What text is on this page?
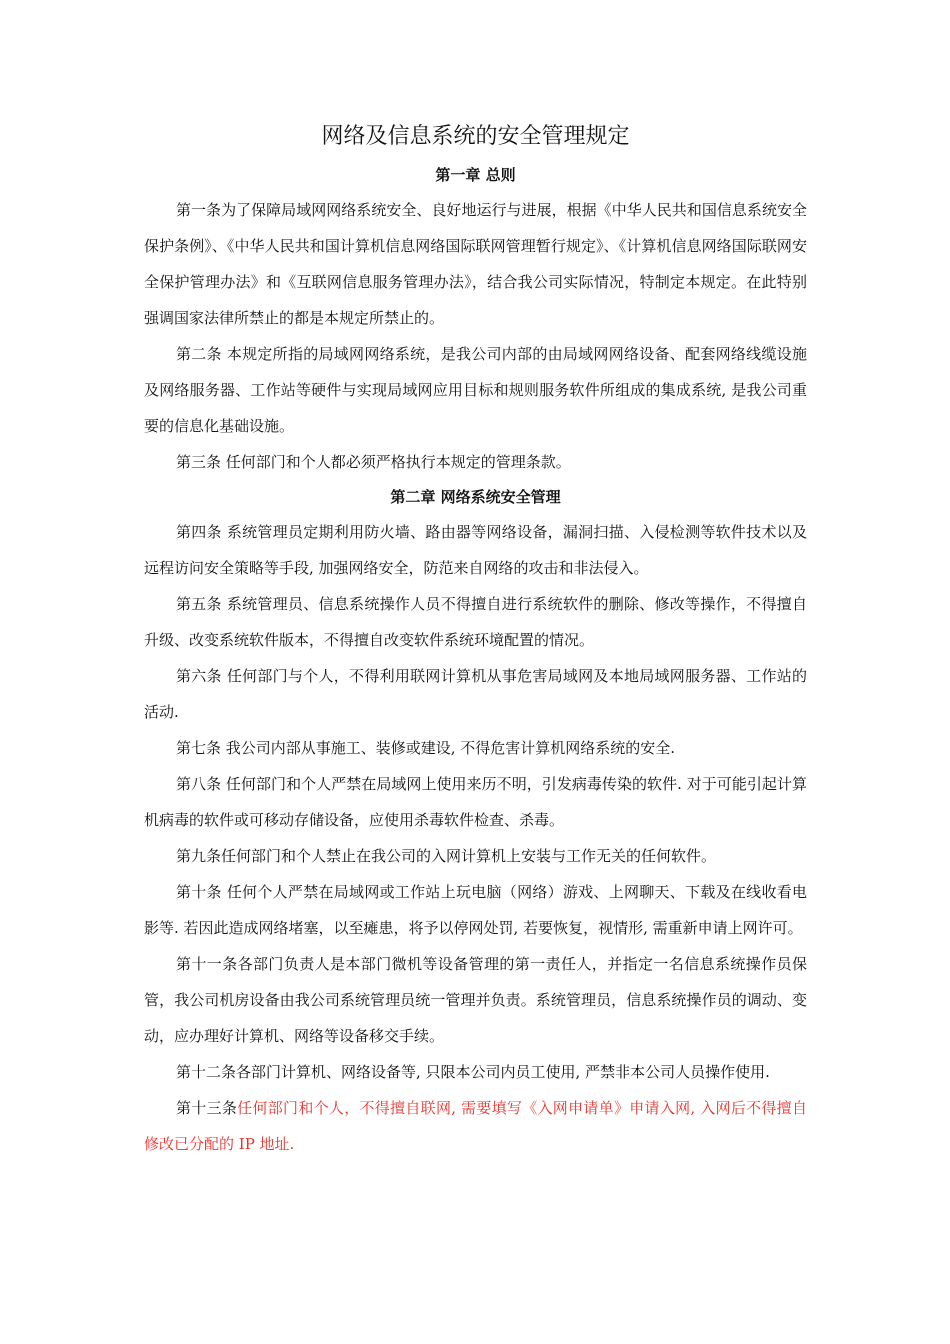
网络及信息系统的安全管理规定
第一章 总则

第一条为了保障局域网网络系统安全、良好地运行与进展，根据《中华人民共和国信息系统安全保护条例》、《中华人民共和国计算机信息网络国际联网管理暂行规定》、《计算机信息网络国际联网安全保护管理办法》和《互联网信息服务管理办法》，结合我公司实际情况，特制定本规定。在此特别强调国家法律所禁止的都是本规定所禁止的。

第二条 本规定所指的局域网网络系统，是我公司内部的由局域网网络设备、配套网络线缆设施及网络服务器、工作站等硬件与实现局域网应用目标和规则服务软件所组成的集成系统, 是我公司重要的信息化基础设施。

第三条 任何部门和个人都必须严格执行本规定的管理条款。

第二章 网络系统安全管理

第四条 系统管理员定期利用防火墙、路由器等网络设备，漏洞扫描、入侵检测等软件技术以及远程访问安全策略等手段, 加强网络安全，防范来自网络的攻击和非法侵入。

第五条 系统管理员、信息系统操作人员不得擅自进行系统软件的删除、修改等操作，不得擅自升级、改变系统软件版本，不得擅自改变软件系统环境配置的情况。

第六条 任何部门与个人，不得利用联网计算机从事危害局域网及本地局域网服务器、工作站的活动.

第七条 我公司内部从事施工、装修或建设, 不得危害计算机网络系统的安全.

第八条 任何部门和个人严禁在局域网上使用来历不明，引发病毒传染的软件. 对于可能引起计算机病毒的软件或可移动存储设备，应使用杀毒软件检查、杀毒。

第九条任何部门和个人禁止在我公司的入网计算机上安装与工作无关的任何软件。

第十条 任何个人严禁在局域网或工作站上玩电脑（网络）游戏、上网聊天、下载及在线收看电影等. 若因此造成网络堵塞，以至瘫患，将予以停网处罚, 若要恢复，视情形, 需重新申请上网许可。

第十一条各部门负责人是本部门微机等设备管理的第一责任人，并指定一名信息系统操作员保管，我公司机房设备由我公司系统管理员统一管理并负责。系统管理员，信息系统操作员的调动、变动，应办理好计算机、网络等设备移交手续。

第十二条各部门计算机、网络设备等, 只限本公司内员工使用, 严禁非本公司人员操作使用.

第十三条任何部门和个人，不得擅自联网, 需要填写《入网申请单》申请入网, 入网后不得擅自修改已分配的 IP 地址.
